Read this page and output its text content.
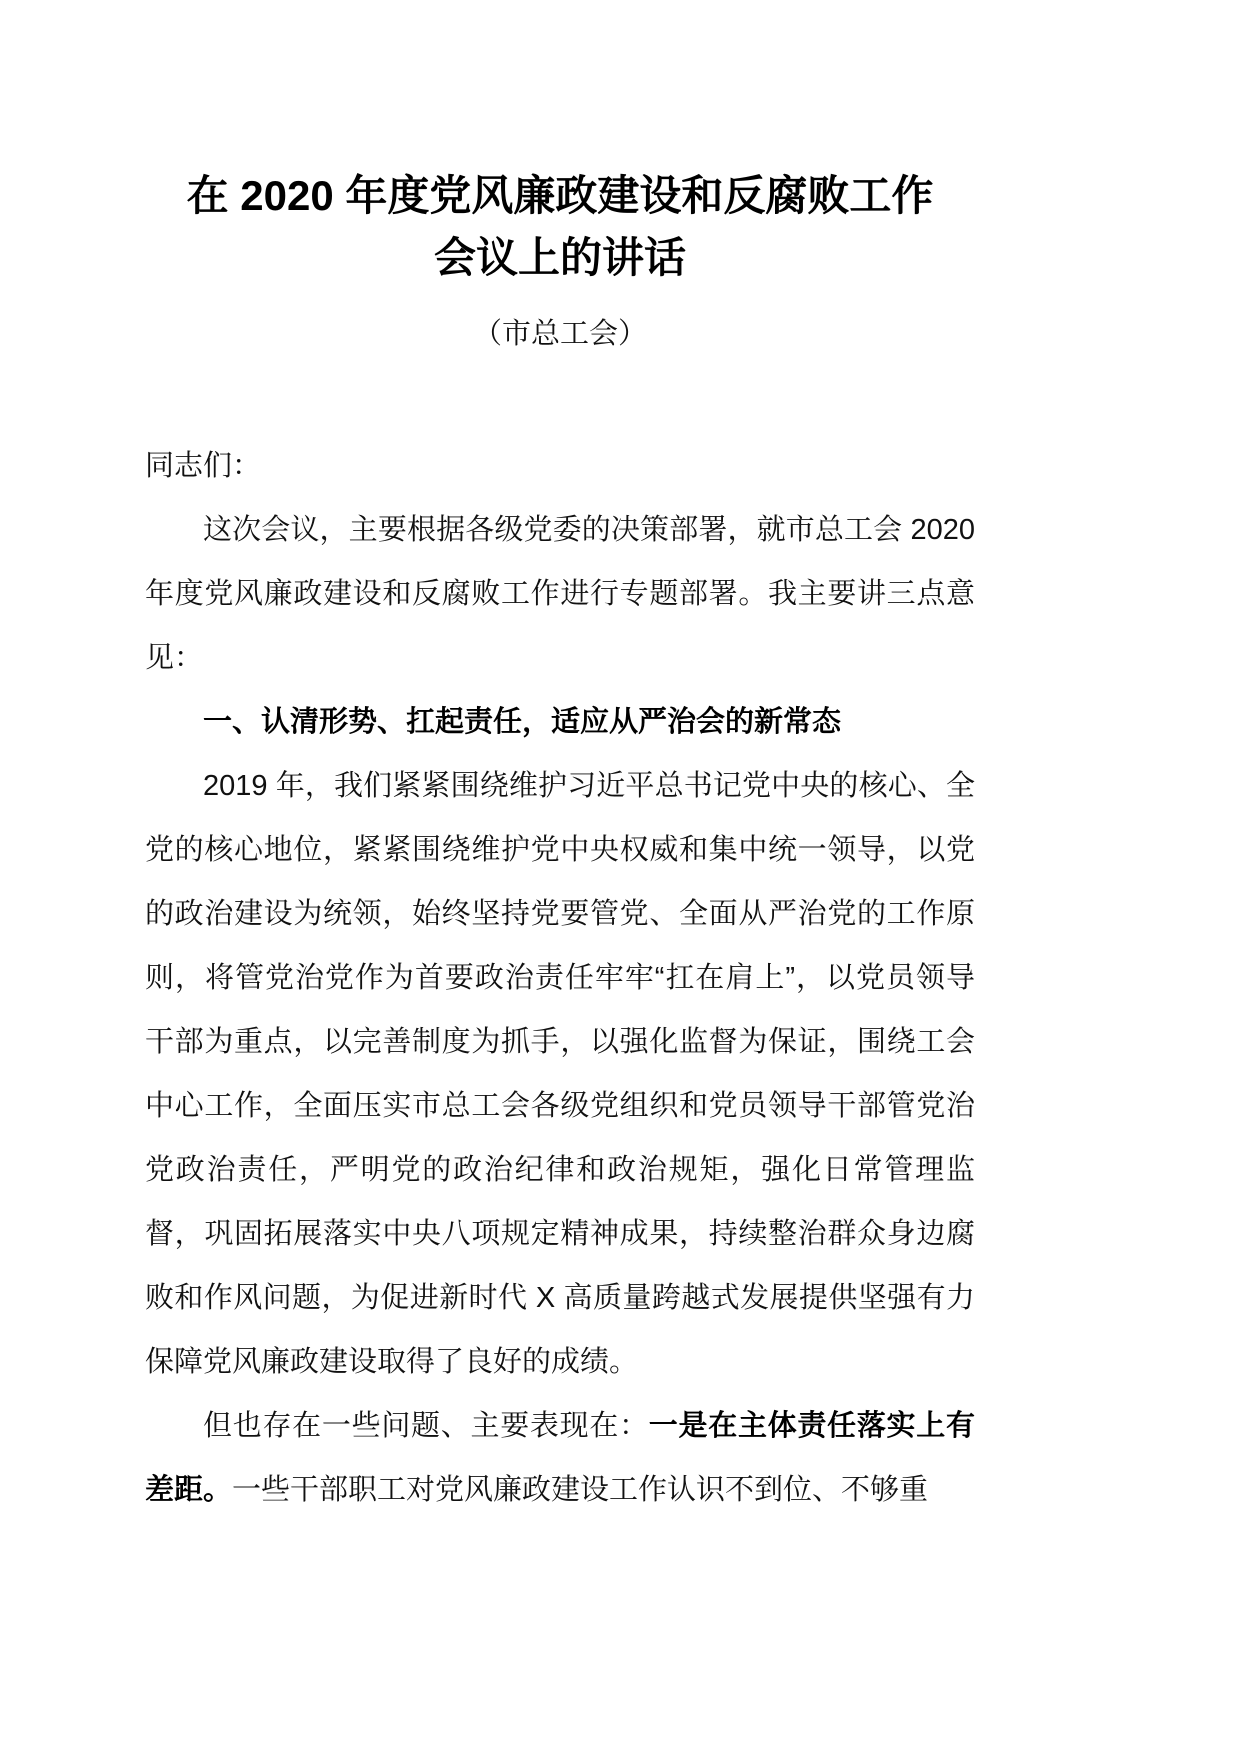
在 2020 年度党风廉政建设和反腐败工作
会议上的讲话
（市总工会）

同志们：

这次会议，主要根据各级党委的决策部署，就市总工会 2020 年度党风廉政建设和反腐败工作进行专题部署。我主要讲三点意见：

一、认清形势、扛起责任，适应从严治会的新常态

2019 年，我们紧紧围绕维护习近平总书记党中央的核心、全党的核心地位，紧紧围绕维护党中央权威和集中统一领导，以党的政治建设为统领，始终坚持党要管党、全面从严治党的工作原则，将管党治党作为首要政治责任牢牢“扛在肩上”，以党员领导干部为重点，以完善制度为抓手，以强化监督为保证，围绕工会中心工作，全面压实市总工会各级党组织和党员领导干部管党治党政治责任，严明党的政治纪律和政治规矩，强化日常管理监督，巩固拓展落实中央八项规定精神成果，持续整治群众身边腐败和作风问题，为促进新时代 X 高质量跨越式发展提供坚强有力保障党风廉政建设取得了良好的成绩。

但也存在一些问题、主要表现在：一是在主体责任落实上有差距。一些干部职工对党风廉政建设工作认识不到位、不够重
